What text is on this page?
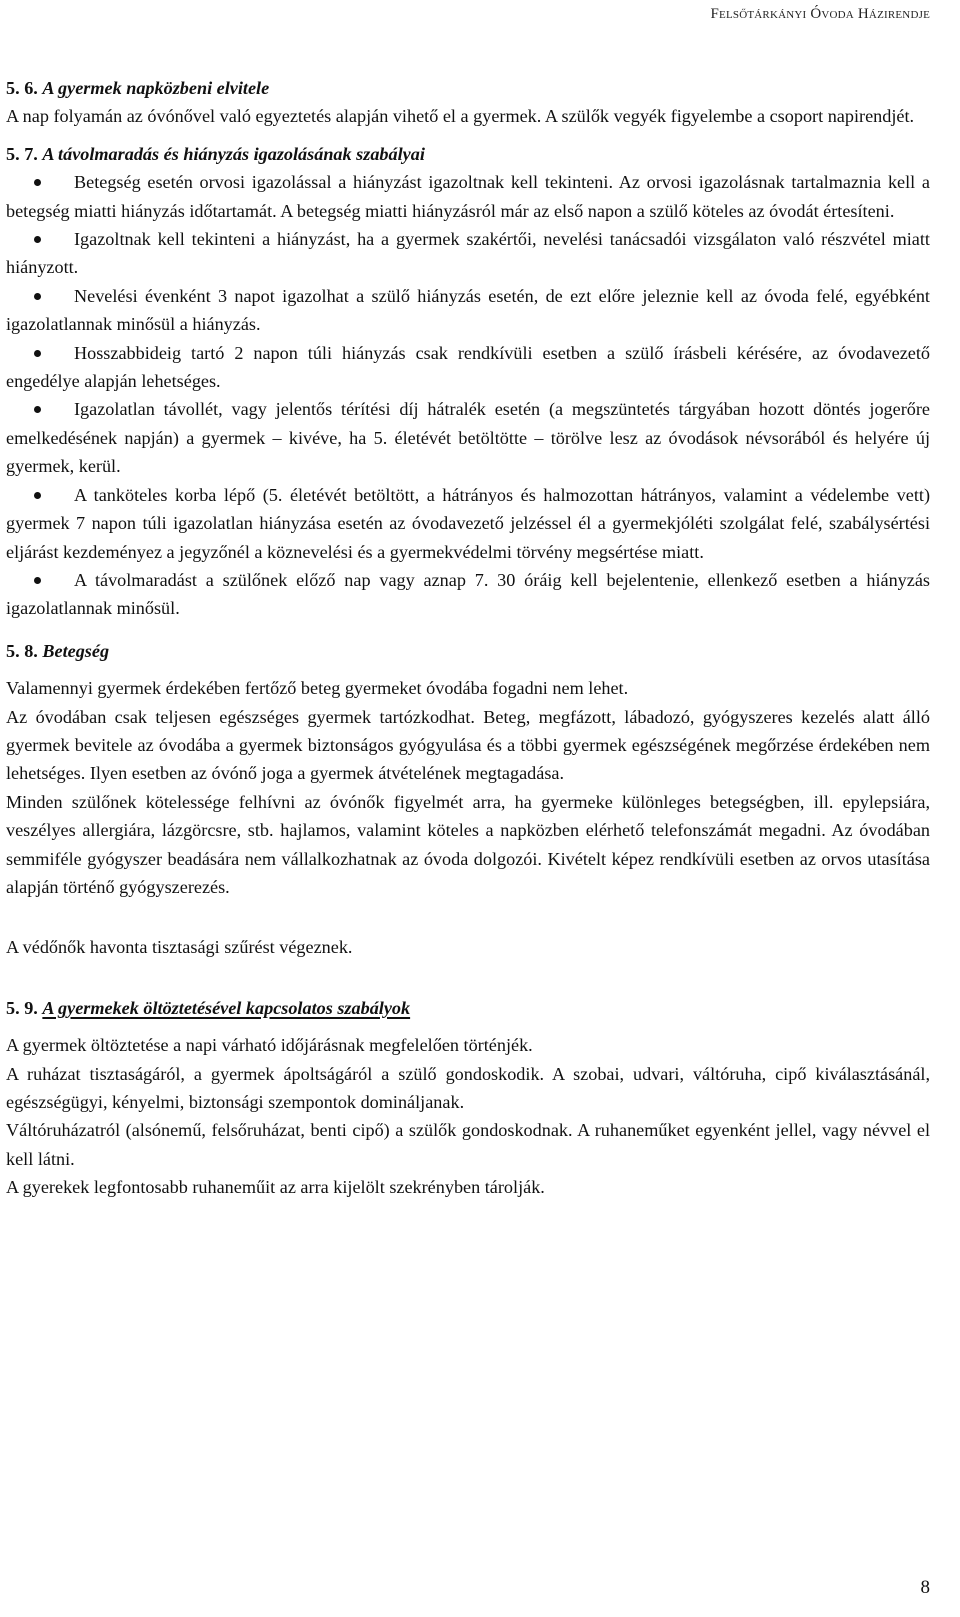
Felsőtárkányi Óvoda Házirendje

5. 6. A gyermek napközbeni elvitele

A nap folyamán az óvónővel való egyeztetés alapján vihető el a gyermek. A szülők vegyék figyelembe a csoport napirendjét.

5. 7. A távolmaradás és hiányzás igazolásának szabályai

Betegség esetén orvosi igazolással a hiányzást igazoltnak kell tekinteni. Az orvosi igazolásnak tartalmaznia kell a betegség miatti hiányzás időtartamát. A betegség miatti hiányzásról már az első napon a szülő köteles az óvodát értesíteni.
Igazoltnak kell tekinteni a hiányzást, ha a gyermek szakértői, nevelési tanácsadói vizsgálaton való részvétel miatt hiányzott.
Nevelési évenként 3 napot igazolhat a szülő hiányzás esetén, de ezt előre jeleznie kell az óvoda felé, egyébként igazolatlannak minősül a hiányzás.
Hosszabbideig tartó 2 napon túli hiányzás csak rendkívüli esetben a szülő írásbeli kérésére, az óvodavezető engedélye alapján lehetséges.
Igazolatlan távollét, vagy jelentős térítési díj hátralék esetén (a megszüntetés tárgyában hozott döntés jogerőre emelkedésének napján) a gyermek – kivéve, ha 5. életévét betöltötte – törölve lesz az óvodások névsorából és helyére új gyermek, kerül.
A tanköteles korba lépő (5. életévét betöltött, a hátrányos és halmozottan hátrányos, valamint a védelembe vett) gyermek 7 napon túli igazolatlan hiányzása esetén az óvodavezető jelzéssel él a gyermekjóléti szolgálat felé, szabálysértési eljárást kezdeményez a jegyzőnél a köznevelési és a gyermekvédelmi törvény megsértése miatt.
A távolmaradást a szülőnek előző nap vagy aznap 7. 30 óráig kell bejelentenie, ellenkező esetben a hiányzás igazolatlannak minősül.

5. 8. Betegség

Valamennyi gyermek érdekében fertőző beteg gyermeket óvodába fogadni nem lehet.

Az óvodában csak teljesen egészséges gyermek tartózkodhat. Beteg, megfázott, lábadozó, gyógyszeres kezelés alatt álló gyermek bevitele az óvodába a gyermek biztonságos gyógyulása és a többi gyermek egészségének megőrzése érdekében nem lehetséges. Ilyen esetben az óvónő joga a gyermek átvételének megtagadása.

Minden szülőnek kötelessége felhívni az óvónők figyelmét arra, ha gyermeke különleges betegségben, ill. epylepsiára, veszélyes allergiára, lázgörcsre, stb. hajlamos, valamint köteles a napközben elérhető telefonszámát megadni. Az óvodában semmiféle gyógyszer beadására nem vállalkozhatnak az óvoda dolgozói. Kivételt képez rendkívüli esetben az orvos utasítása alapján történő gyógyszerezés.

A védőnők havonta tisztasági szűrést végeznek.

5. 9. A gyermekek öltöztetésével kapcsolatos szabályok

A gyermek öltöztetése a napi várható időjárásnak megfelelően történjék.

A ruházat tisztaságáról, a gyermek ápoltságáról a szülő gondoskodik. A szobai, udvari, váltóruha, cipő kiválasztásánál, egészségügyi, kényelmi, biztonsági szempontok domináljanak.

Váltóruházatról (alsónemű, felsőruházat, benti cipő) a szülők gondoskodnak. A ruhaneműket egyenként jellel, vagy névvel el kell látni.

A gyerekek legfontosabb ruhaneműit az arra kijelölt szekrényben tárolják.

8
